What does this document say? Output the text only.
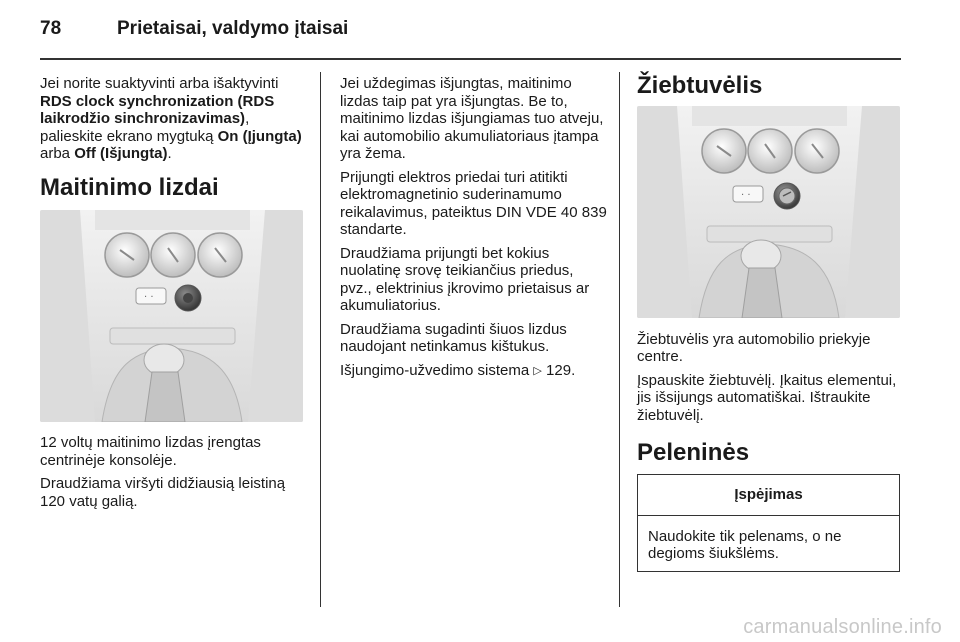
78	Prietaisai, valdymo įtaisai

Jei norite suaktyvinti arba išaktyvinti RDS clock synchronization (RDS laikrodžio sinchronizavimas), palieskite ekrano mygtuką On (Įjungta) arba Off (Išjungta).

Maitinimo lizdai
· ·

12 voltų maitinimo lizdas įrengtas centrinėje konsolėje.

Draudžiama viršyti didžiausią leistiną 120 vatų galią.

Jei uždegimas išjungtas, maitinimo lizdas taip pat yra išjungtas. Be to, maitinimo lizdas išjungiamas tuo atveju, kai automobilio akumuliatoriaus įtampa yra žema.

Prijungti elektros priedai turi atitikti elektromagnetinio suderinamumo reikalavimus, pateiktus DIN VDE 40 839 standarte.

Draudžiama prijungti bet kokius nuolatinę srovę teikiančius priedus, pvz., elektrinius įkrovimo prietaisus ar akumuliatorius.

Draudžiama sugadinti šiuos lizdus naudojant netinkamus kištukus.

Išjungimo-užvedimo sistema ▷ 129.

Žiebtuvėlis
· ·

Žiebtuvėlis yra automobilio priekyje centre.

Įspauskite žiebtuvėlį. Įkaitus elementui, jis išsijungs automatiškai. Ištraukite žiebtuvėlį.

Peleninės
Įspėjimas
Naudokite tik pelenams, o ne degioms šiukšlėms.
carmanualsonline.info
